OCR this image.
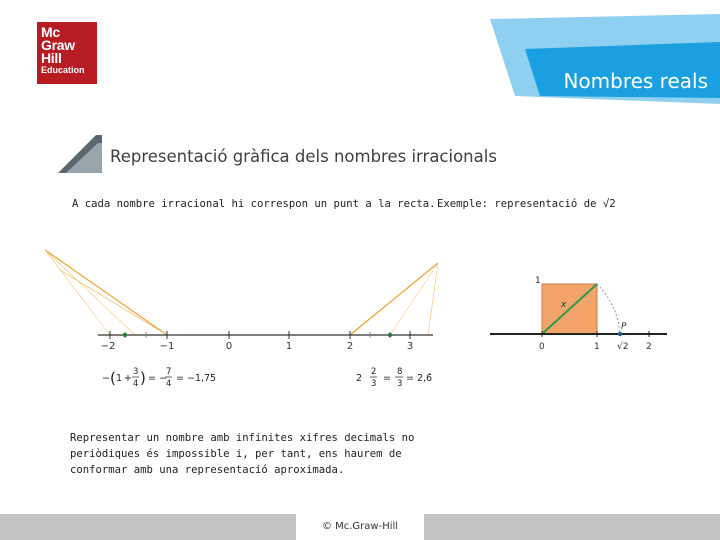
Mc
Graw
Hill
Education	Nombres reals
Representació gràfica dels nombres irracionals
A cada nombre irracional hi correspon un punt a la recta. Exemple: representació de √2
−2	−1	0	1	2	3
− ( 1 +
3
4 ) = −
7
4 = −1,75	2
2
3 =
8
3 = 2,6̂
1
x
P
0	1 √2 2
Representar un nombre amb infinites xifres decimals no
periòdiques és impossible i, per tant, ens haurem de
conformar amb una representació aproximada.
© Mc.Graw-Hill
